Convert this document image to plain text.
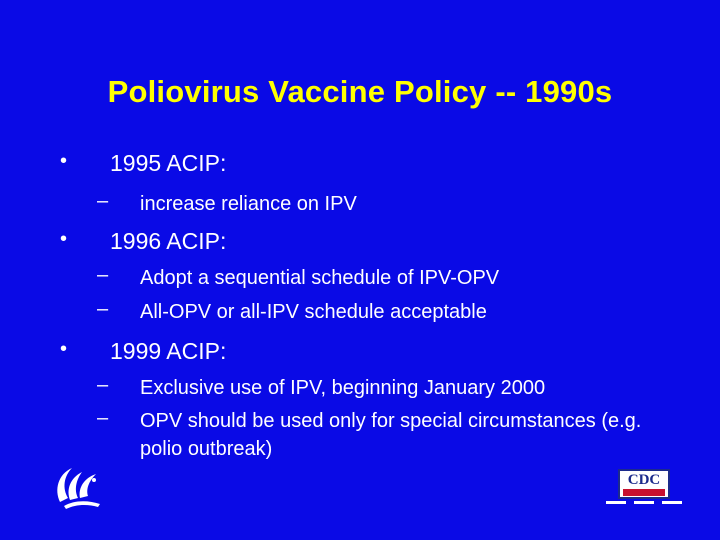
Poliovirus Vaccine Policy -- 1990s
• 1995 ACIP:
– increase reliance on IPV
• 1996 ACIP:
– Adopt a sequential schedule of IPV-OPV
– All-OPV or all-IPV schedule acceptable
• 1999 ACIP:
– Exclusive use of IPV, beginning January 2000
– OPV should be used only for special circumstances (e.g. polio outbreak)
CDC
